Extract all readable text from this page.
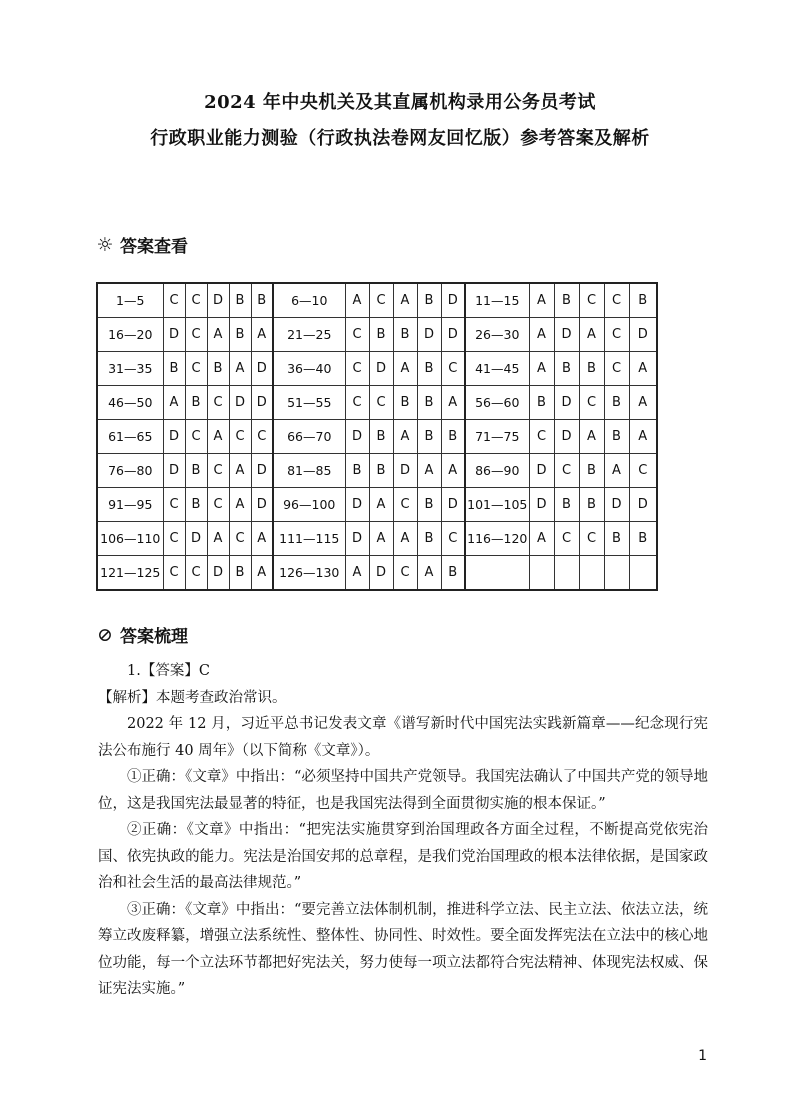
2024 年中央机关及其直属机构录用公务员考试
行政职业能力测验（行政执法卷网友回忆版）参考答案及解析
☼ 答案查看
1—5	C	C	D	B	B	6—10	A	C	A	B	D	11—15	A	B	C	C	B
16—20	D	C	A	B	A	21—25	C	B	B	D	D	26—30	A	D	A	C	D
31—35	B	C	B	A	D	36—40	C	D	A	B	C	41—45	A	B	B	C	A
46—50	A	B	C	D	D	51—55	C	C	B	B	A	56—60	B	D	C	B	A
61—65	D	C	A	C	C	66—70	D	B	A	B	B	71—75	C	D	A	B	A
76—80	D	B	C	A	D	81—85	B	B	D	A	A	86—90	D	C	B	A	C
91—95	C	B	C	A	D	96—100	D	A	C	B	D	101—105	D	B	B	D	D
106—110	C	D	A	C	A	111—115	D	A	A	B	C	116—120	A	C	C	B	B
121—125	C	C	D	B	A	126—130	A	D	C	A	B						
⊘ 答案梳理

1.【答案】C

【解析】本题考查政治常识。

2022 年 12 月，习近平总书记发表文章《谱写新时代中国宪法实践新篇章——纪念现行宪法公布施行 40 周年》（以下简称《文章》）。

①正确：《文章》中指出：“必须坚持中国共产党领导。我国宪法确认了中国共产党的领导地位，这是我国宪法最显著的特征，也是我国宪法得到全面贯彻实施的根本保证。”

②正确：《文章》中指出：“把宪法实施贯穿到治国理政各方面全过程，不断提高党依宪治国、依宪执政的能力。宪法是治国安邦的总章程，是我们党治国理政的根本法律依据，是国家政治和社会生活的最高法律规范。”

③正确：《文章》中指出：“要完善立法体制机制，推进科学立法、民主立法、依法立法，统筹立改废释纂，增强立法系统性、整体性、协同性、时效性。要全面发挥宪法在立法中的核心地位功能，每一个立法环节都把好宪法关，努力使每一项立法都符合宪法精神、体现宪法权威、保证宪法实施。”

1
